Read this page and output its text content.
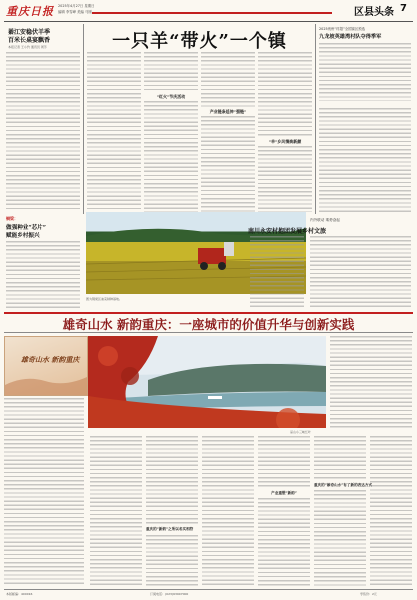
重庆日报 2025年4月27日 星期日
编辑 李雪峰 美编 马刚	区县头条 7
綦江安稳伏羊季
百米长桌宴飘香
本报记者 王小约 通讯员 周芳	一只羊“带火”一个镇
“红火”节庆活动
产业链条延伸“强链”
“羊”乡风情焕新颜
2025贵州“村超”全国赛区预选
九龙坡英雄湾村队夺得季军
图为铜梁区油菜制种基地。
铜梁：
做强种业“芯片”
赋能乡村振兴
内外联动 乘势奋起
南川永安村抱团发展乡村文旅
雄奇山水 新韵重庆：一座城市的价值升华与创新实践
雄奇山水 新韵重庆
巫山小三峡红叶
重庆的“新韵”之所以名实相符
产业重塑“新韵”
重庆的“雄奇山水”有了新的表达方式
本版邮编：400016	订阅电话：(023)63907000	零售价：2元
